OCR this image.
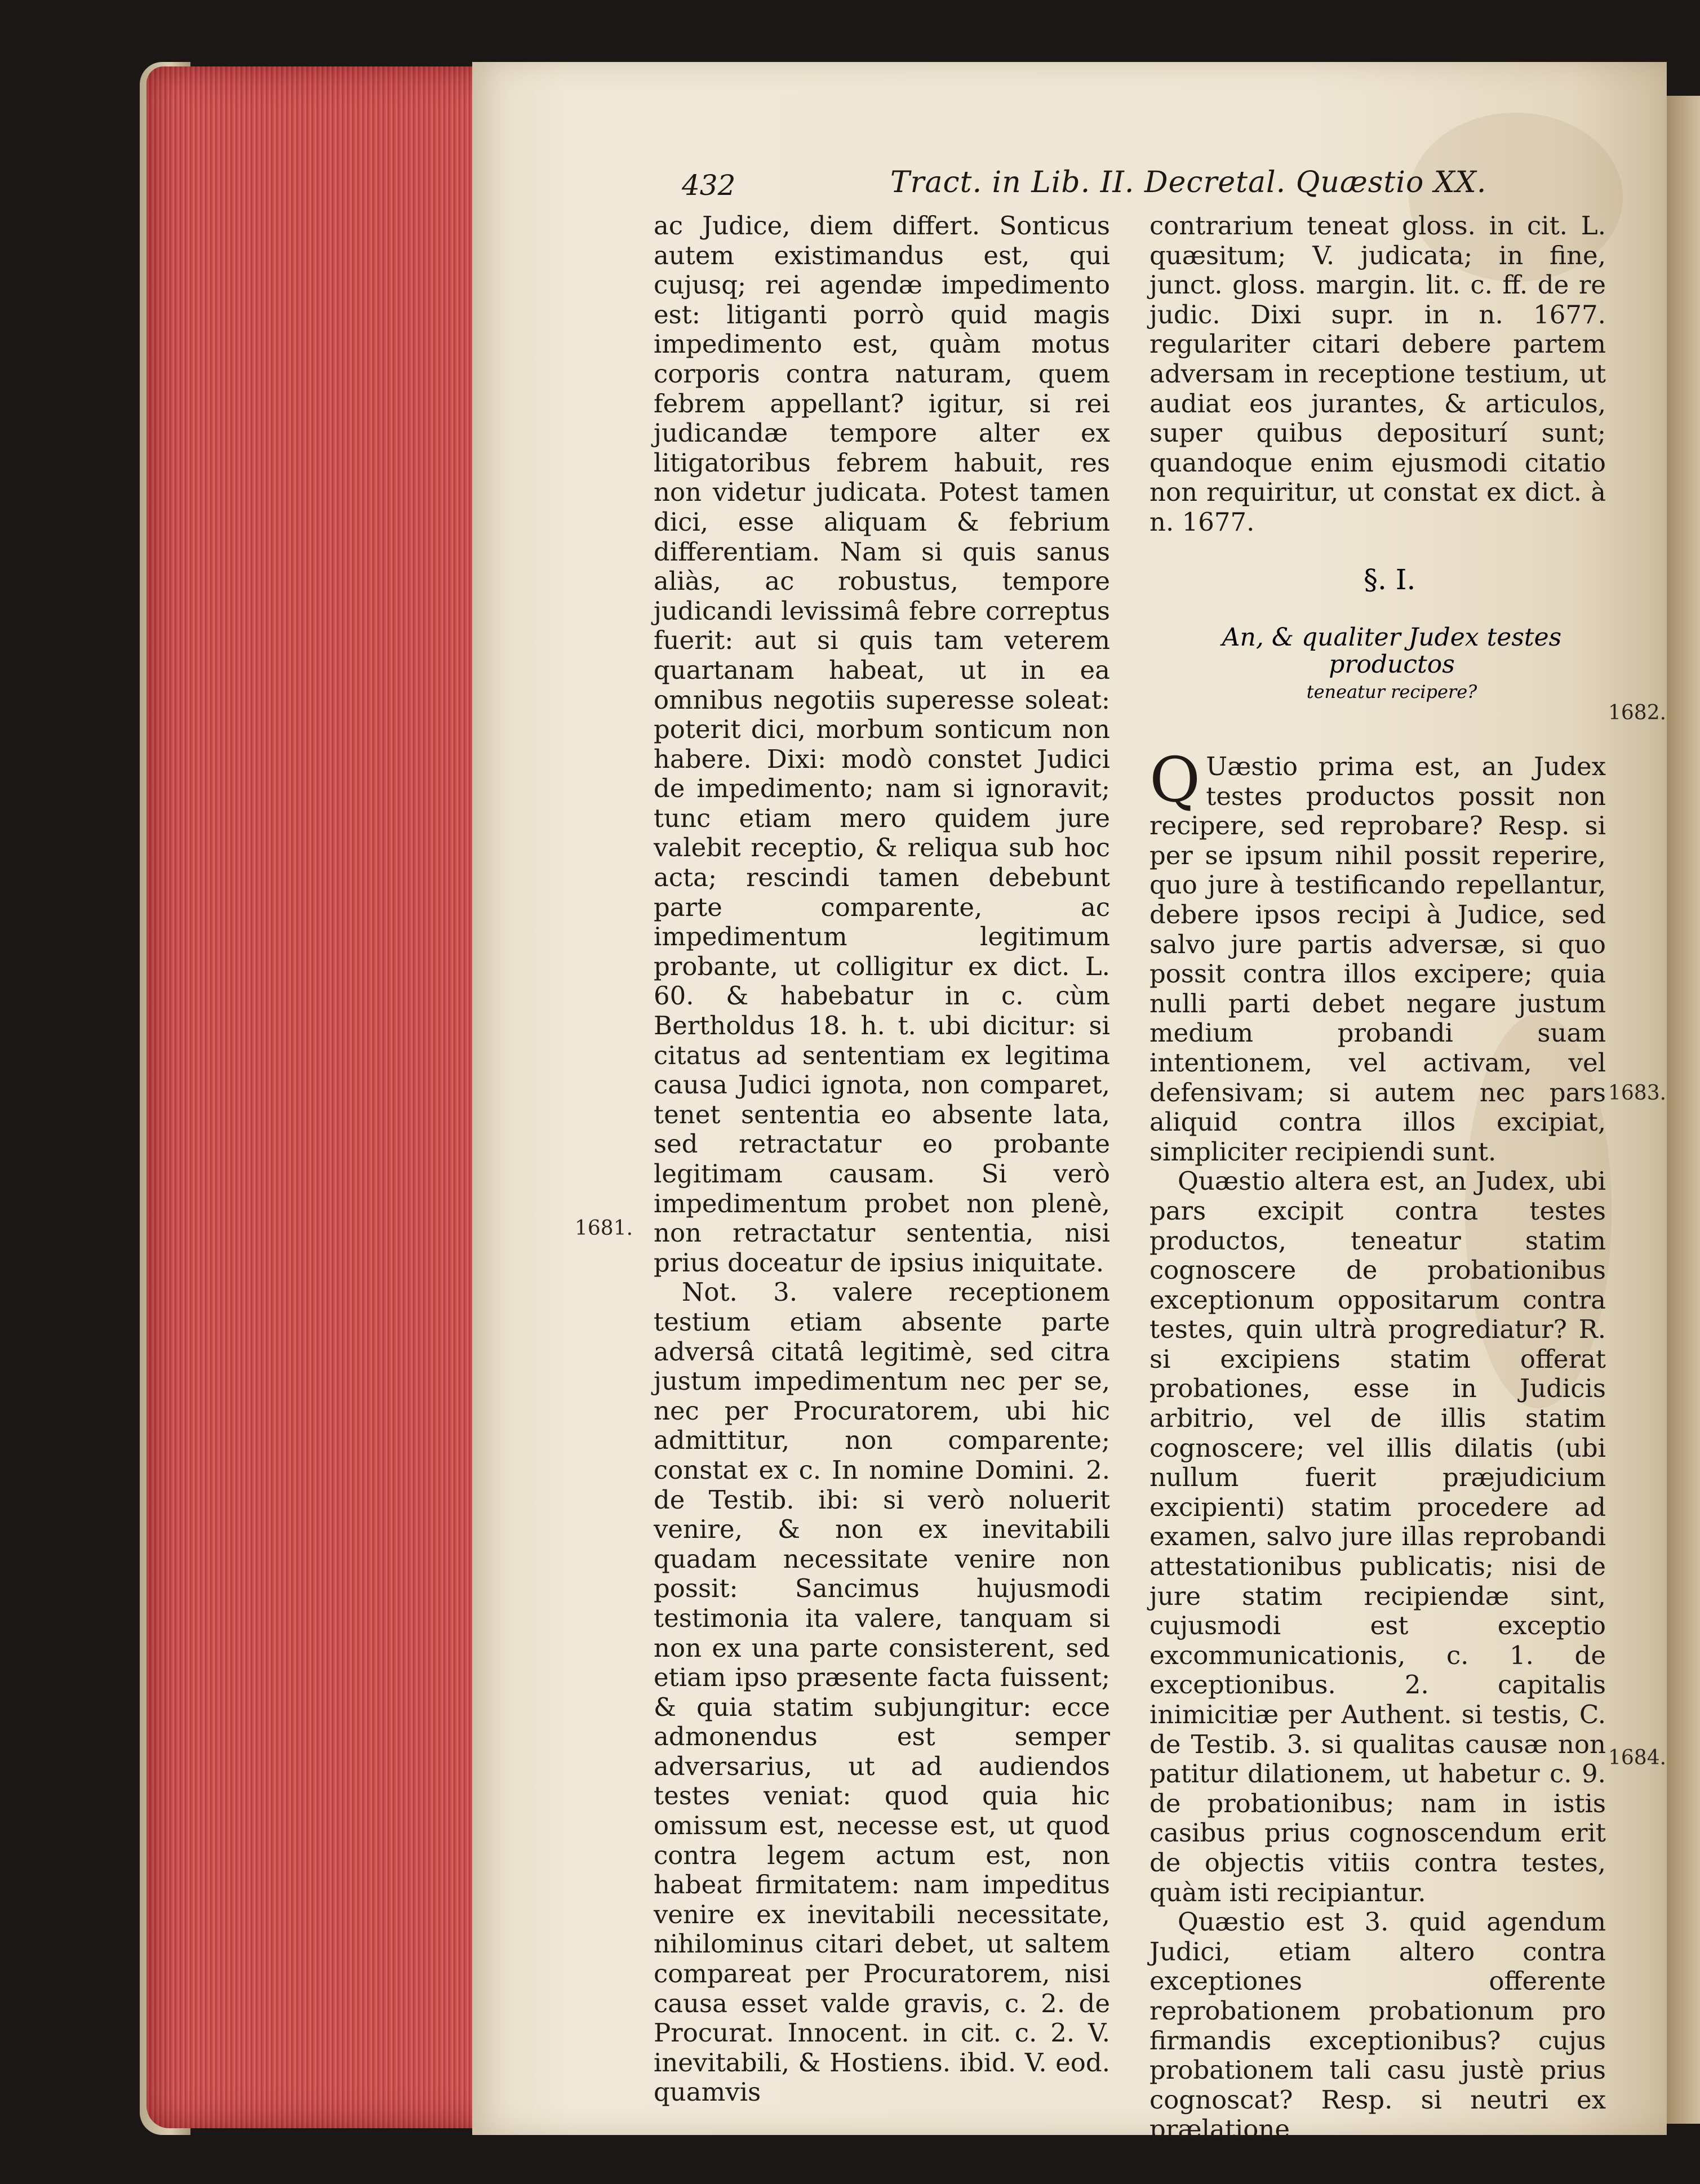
432	Tract. in Lib. II. Decretal. Quæstio XX.
1681.
1682.
1683.
1684.

ac Judice, diem differt. Sonticus autem existimandus est, qui cujusq; rei agendæ impedimento est: litiganti porrò quid magis impedimento est, quàm motus corporis contra naturam, quem febrem appellant? igitur, si rei judicandæ tempore alter ex litigatoribus febrem habuit, res non videtur judicata. Potest tamen dici, esse aliquam & febrium differentiam. Nam si quis sanus aliàs, ac robustus, tempore judicandi levissimâ febre correptus fuerit: aut si quis tam veterem quartanam habeat, ut in ea omnibus negotiis superesse soleat: poterit dici, morbum sonticum non habere. Dixi: modò constet Judici de impedimento; nam si ignoravit; tunc etiam mero quidem jure valebit receptio, & reliqua sub hoc acta; rescindi tamen debebunt parte comparente, ac impedimentum legitimum probante, ut colligitur ex dict. L. 60. & habebatur in c. cùm Bertholdus 18. h. t. ubi dicitur: si citatus ad sententiam ex legitima causa Judici ignota, non comparet, tenet sententia eo absente lata, sed retractatur eo probante legitimam causam. Si verò impedimentum probet non plenè, non retractatur sententia, nisi prius doceatur de ipsius iniquitate.

Not. 3. valere receptionem testium etiam absente parte adversâ citatâ legitimè, sed citra justum impedimentum nec per se, nec per Procuratorem, ubi hic admittitur, non comparente; constat ex c. In nomine Domini. 2. de Testib. ibi: si verò noluerit venire, & non ex inevitabili quadam necessitate venire non possit: Sancimus hujusmodi testimonia ita valere, tanquam si non ex una parte consisterent, sed etiam ipso præsente facta fuissent; & quia statim subjungitur: ecce admonendus est semper adversarius, ut ad audiendos testes veniat: quod quia hic omissum est, necesse est, ut quod contra legem actum est, non habeat firmitatem: nam impeditus venire ex inevitabili necessitate, nihilominus citari debet, ut saltem compareat per Procuratorem, nisi causa esset valde gravis, c. 2. de Procurat. Innocent. in cit. c. 2. V. inevitabili, & Hostiens. ibid. V. eod. quamvis

contrarium teneat gloss. in cit. L. quæsitum; V. judicata; in fine, junct. gloss. margin. lit. c. ff. de re judic. Dixi supr. in n. 1677. regulariter citari debere partem adversam in receptione testium, ut audiat eos jurantes, & articulos, super quibus depositurí sunt; quandoque enim ejusmodi citatio non requiritur, ut constat ex dict. à n. 1677.

Q Uæstio prima est, an Judex testes productos possit non recipere, sed reprobare? Resp. si per se ipsum nihil possit reperire, quo jure à testificando repellantur, debere ipsos recipi à Judice, sed salvo jure partis adversæ, si quo possit contra illos excipere; quia nulli parti debet negare justum medium probandi suam intentionem, vel activam, vel defensivam; si autem nec pars aliquid contra illos excipiat, simpliciter recipiendi sunt.

Quæstio altera est, an Judex, ubi pars excipit contra testes productos, teneatur statim cognoscere de probationibus exceptionum oppositarum contra testes, quin ultrà progrediatur? R. si excipiens statim offerat probationes, esse in Judicis arbitrio, vel de illis statim cognoscere; vel illis dilatis (ubi nullum fuerit præjudicium excipienti) statim procedere ad examen, salvo jure illas reprobandi attestationibus publicatis; nisi de jure statim recipiendæ sint, cujusmodi est exceptio excommunicationis, c. 1. de exceptionibus. 2. capitalis inimicitiæ per Authent. si testis, C. de Testib. 3. si qualitas causæ non patitur dilationem, ut habetur c. 9. de probationibus; nam in istis casibus prius cognoscendum erit de objectis vitiis contra testes, quàm isti recipiantur.

Quæstio est 3. quid agendum Judici, etiam altero contra exceptiones offerente reprobationem probationum pro firmandis exceptionibus? cujus probationem tali casu justè prius cognoscat? Resp. si neutri ex prælatione

§. I.
An, & qualiter Judex testes productos
teneatur recipere?
